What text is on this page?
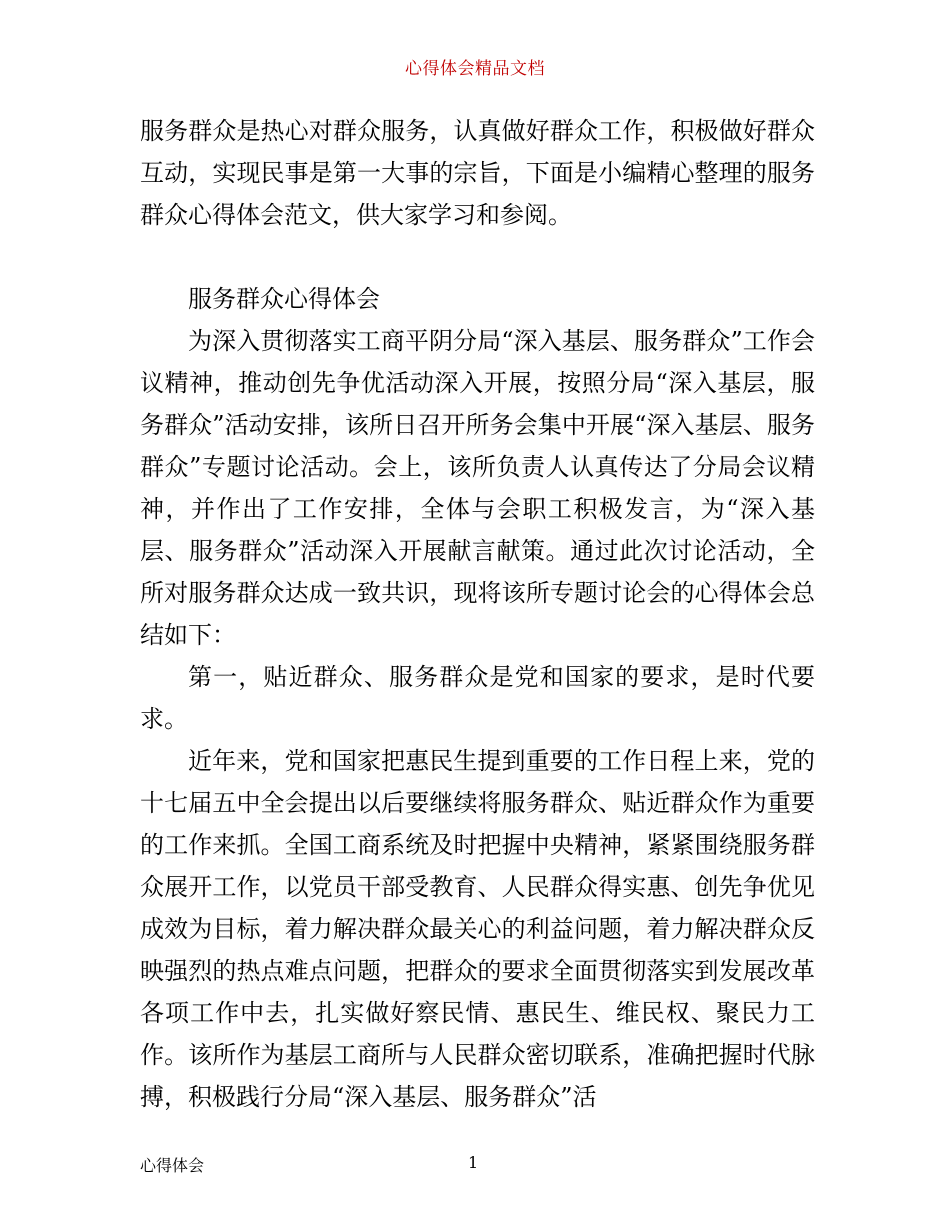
心得体会精品文档

服务群众是热心对群众服务，认真做好群众工作，积极做好群众互动，实现民事是第一大事的宗旨，下面是小编精心整理的服务群众心得体会范文，供大家学习和参阅。

服务群众心得体会

为深入贯彻落实工商平阴分局“深入基层、服务群众”工作会议精神，推动创先争优活动深入开展，按照分局“深入基层，服务群众”活动安排，该所日召开所务会集中开展“深入基层、服务群众”专题讨论活动。会上，该所负责人认真传达了分局会议精神，并作出了工作安排，全体与会职工积极发言，为“深入基层、服务群众”活动深入开展献言献策。通过此次讨论活动，全所对服务群众达成一致共识，现将该所专题讨论会的心得体会总结如下：

第一，贴近群众、服务群众是党和国家的要求，是时代要求。

近年来，党和国家把惠民生提到重要的工作日程上来，党的十七届五中全会提出以后要继续将服务群众、贴近群众作为重要的工作来抓。全国工商系统及时把握中央精神，紧紧围绕服务群众展开工作，以党员干部受教育、人民群众得实惠、创先争优见成效为目标，着力解决群众最关心的利益问题，着力解决群众反映强烈的热点难点问题，把群众的要求全面贯彻落实到发展改革各项工作中去，扎实做好察民情、惠民生、维民权、聚民力工作。该所作为基层工商所与人民群众密切联系，准确把握时代脉搏，积极践行分局“深入基层、服务群众”活

心得体会	1
